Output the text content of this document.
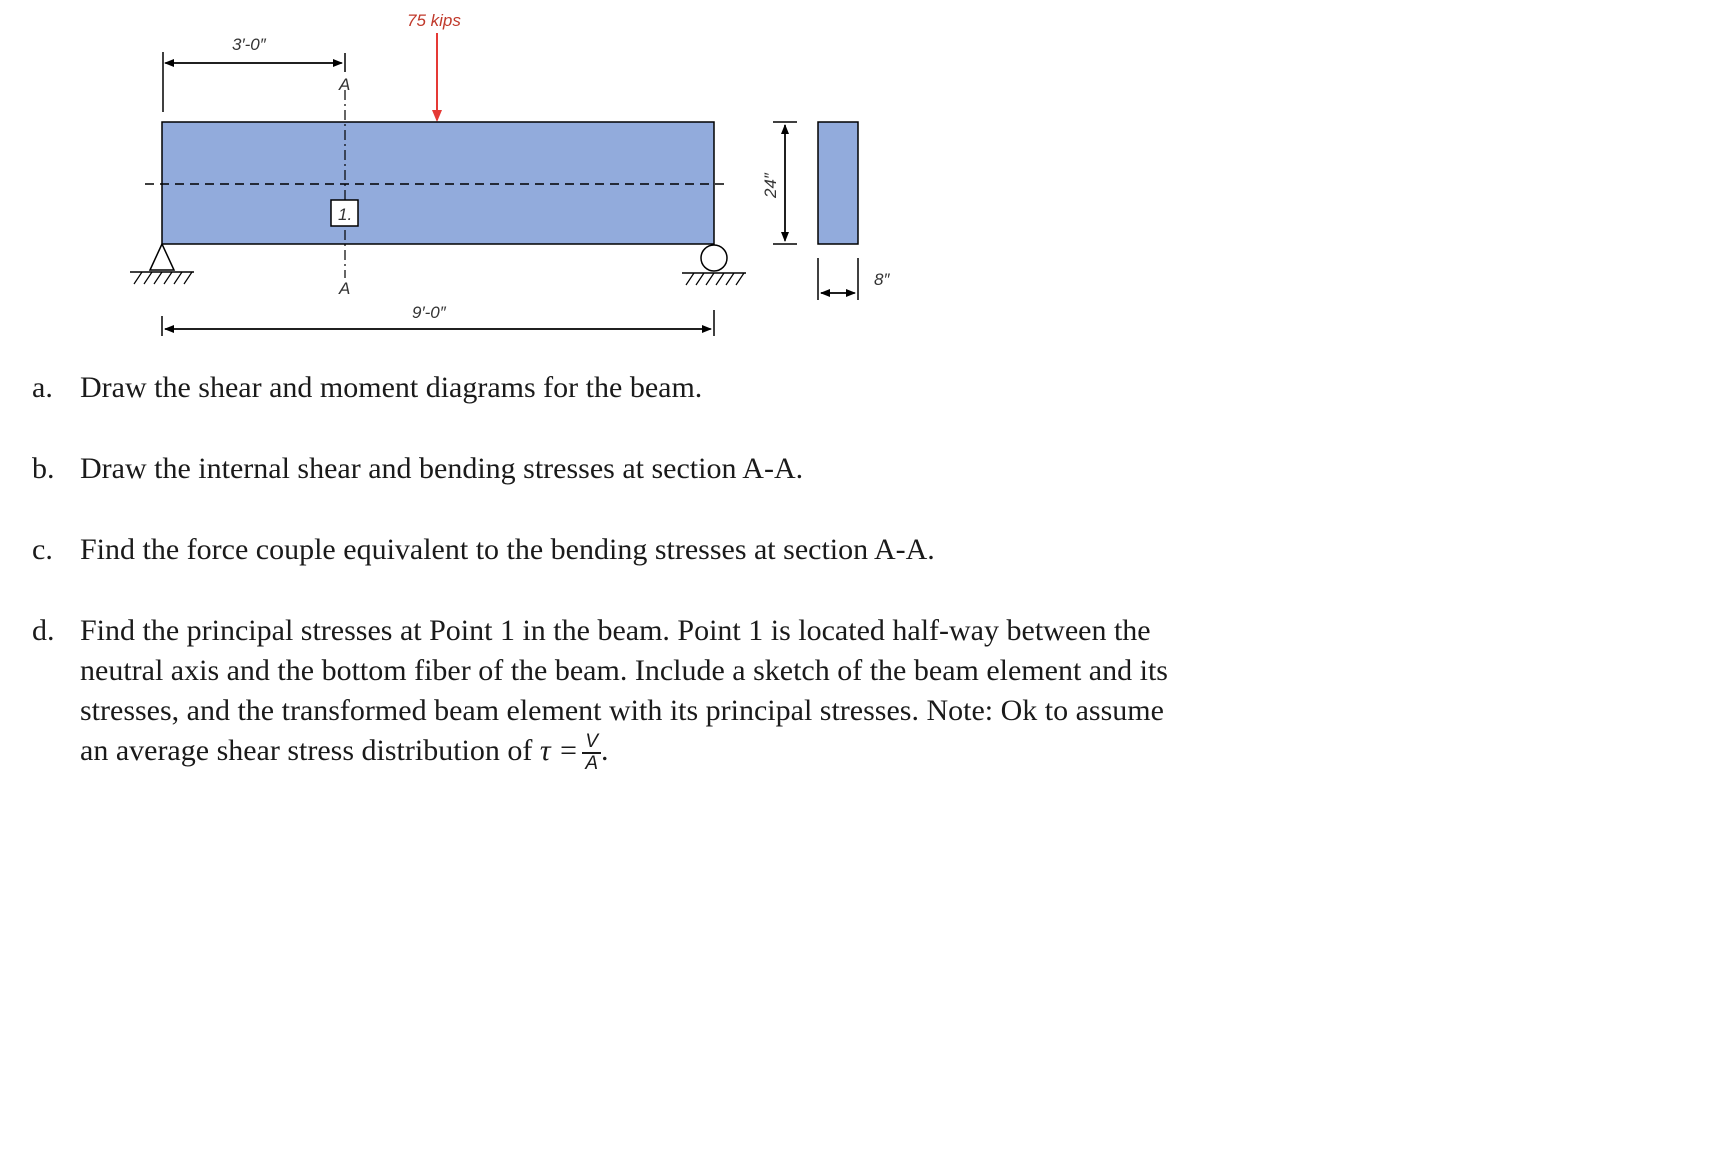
75 kips
3′-0″
A
A
1.
9′-0″
24″
8″
a. Draw the shear and moment diagrams for the beam.
b. Draw the internal shear and bending stresses at section A-A.
c. Find the force couple equivalent to the bending stresses at section A-A.
d. Find the principal stresses at Point 1 in the beam. Point 1 is located half-way between the neutral axis and the bottom fiber of the beam. Include a sketch of the beam element and its stresses, and the transformed beam element with its principal stresses. Note: Ok to assume an average shear stress distribution of $\tau = \frac{V}{A}$ .
